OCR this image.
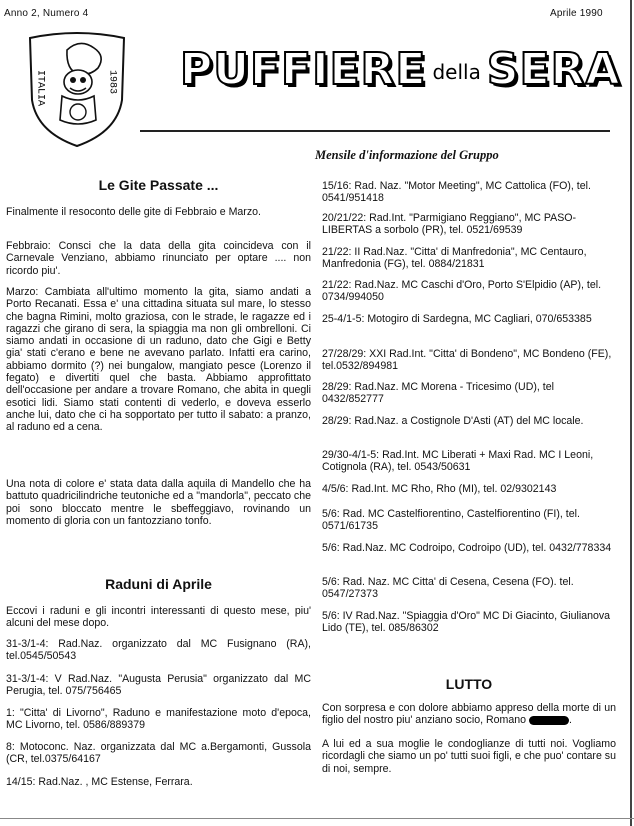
Anno 2, Numero 4	Aprile 1990
ITALIA	1983 PUFFIERE della SERA
Mensile d'informazione del Gruppo
Le Gite Passate ...

Finalmente il resoconto delle gite di Febbraio e Marzo.

Febbraio: Consci che la data della gita coincideva con il Carnevale Venziano, abbiamo rinunciato per optare .... non ricordo piu'.

Marzo: Cambiata all'ultimo momento la gita, siamo andati a Porto Recanati. Essa e' una cittadina situata sul mare, lo stesso che bagna Rimini, molto graziosa, con le strade, le ragazze ed i ragazzi che girano di sera, la spiaggia ma non gli ombrelloni. Ci siamo andati in occasione di un raduno, dato che Gigi e Betty gia' stati c'erano e bene ne avevano parlato. Infatti era carino, abbiamo dormito (?) nei bungalow, mangiato pesce (Lorenzo il fegato) e divertiti quel che basta. Abbiamo approfittato dell'occasione per andare a trovare Romano, che abita in quegli esotici lidi. Siamo stati contenti di vederlo, e doveva esserlo anche lui, dato che ci ha sopportato per tutto il sabato: a pranzo, al raduno ed a cena.

Una nota di colore e' stata data dalla aquila di Mandello che ha battuto quadricilindriche teutoniche ed a "mandorla", peccato che poi sono bloccato mentre le sbeffeggiavo, rovinando un momento di gloria con un fantozziano tonfo.

Raduni di Aprile

Eccovi i raduni e gli incontri interessanti di questo mese, piu' alcuni del mese dopo.

31-3/1-4: Rad.Naz. organizzato dal MC Fusignano (RA), tel.0545/50543

31-3/1-4: V Rad.Naz. "Augusta Perusia" organizzato dal MC Perugia, tel. 075/756465

1: "Citta' di Livorno", Raduno e manifestazione moto d'epoca, MC Livorno, tel. 0586/889379

8: Motoconc. Naz. organizzata dal MC a.Bergamonti, Gussola (CR, tel.0375/64167

14/15: Rad.Naz. , MC Estense, Ferrara.

15/16: Rad. Naz. "Motor Meeting", MC Cattolica (FO), tel. 0541/951418

20/21/22: Rad.Int. "Parmigiano Reggiano", MC PASO-LIBERTAS a sorbolo (PR), tel. 0521/69539

21/22: II Rad.Naz. "Citta' di Manfredonia", MC Centauro, Manfredonia (FG), tel. 0884/21831

21/22: Rad.Naz. MC Caschi d'Oro, Porto S'Elpidio (AP), tel. 0734/994050

25-4/1-5: Motogiro di Sardegna, MC Cagliari, 070/653385

27/28/29: XXI Rad.Int. "Citta' di Bondeno", MC Bondeno (FE), tel.0532/894981

28/29: Rad.Naz. MC Morena - Tricesimo (UD), tel 0432/852777

28/29: Rad.Naz. a Costignole D'Asti (AT) del MC locale.

29/30-4/1-5: Rad.Int. MC Liberati + Maxi Rad. MC I Leoni, Cotignola (RA), tel. 0543/50631

4/5/6: Rad.Int. MC Rho, Rho (MI), tel. 02/9302143

5/6: Rad. MC Castelfiorentino, Castelfiorentino (FI), tel. 0571/61735

5/6: Rad.Naz. MC Codroipo, Codroipo (UD), tel. 0432/778334

5/6: Rad. Naz. MC Citta' di Cesena, Cesena (FO). tel. 0547/27373

5/6: IV Rad.Naz. "Spiaggia d'Oro" MC Di Giacinto, Giulianova Lido (TE), tel. 085/86302

LUTTO

Con sorpresa e con dolore abbiamo appreso della morte di un figlio del nostro piu' anziano socio, Romano	.

A lui ed a sua moglie le condoglianze di tutti noi. Vogliamo ricordagli che siamo un po' tutti suoi figli, e che puo' contare su di noi, sempre.
